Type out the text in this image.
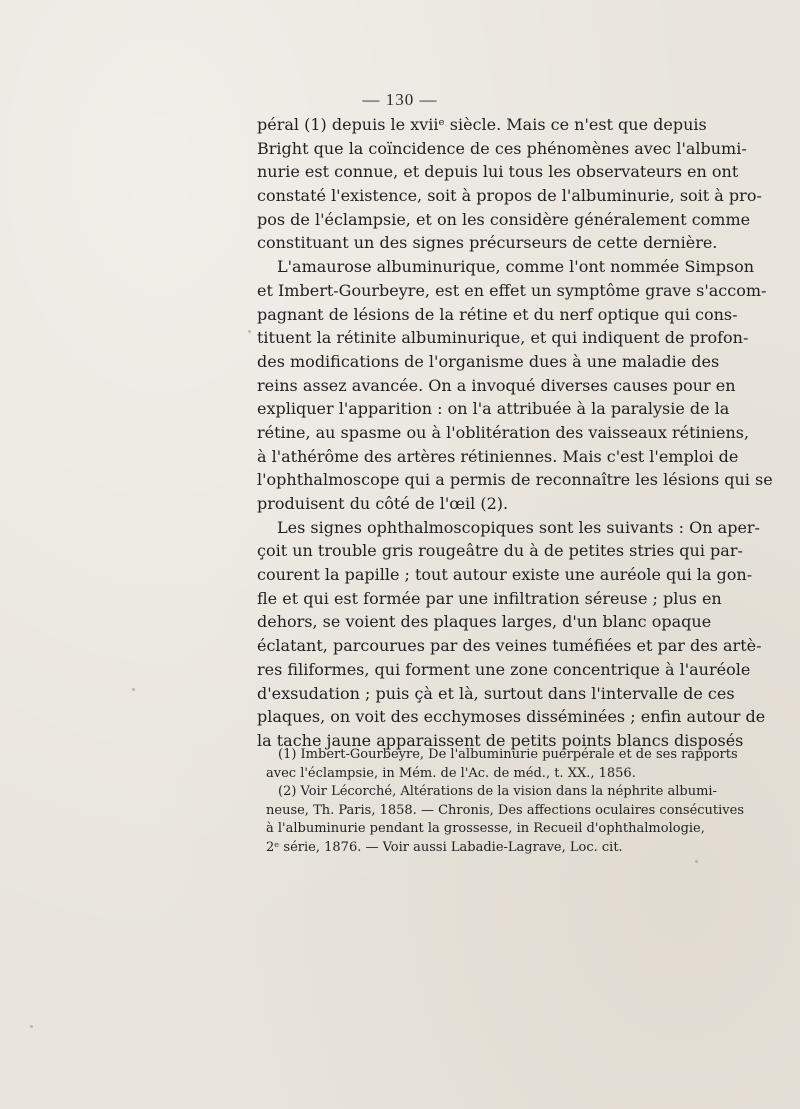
— 130 —
péral (1) depuis le xviiᵉ siècle. Mais ce n'est que depuis
Bright que la coïncidence de ces phénomènes avec l'albumi-
nurie est connue, et depuis lui tous les observateurs en ont
constaté l'existence, soit à propos de l'albuminurie, soit à pro-
pos de l'éclampsie, et on les considère généralement comme
constituant un des signes précurseurs de cette dernière.
L'amaurose albuminurique, comme l'ont nommée Simpson
et Imbert-Gourbeyre, est en effet un symptôme grave s'accom-
pagnant de lésions de la rétine et du nerf optique qui cons-
tituent la rétinite albuminurique, et qui indiquent de profon-
des modifications de l'organisme dues à une maladie des
reins assez avancée. On a invoqué diverses causes pour en
expliquer l'apparition : on l'a attribuée à la paralysie de la
rétine, au spasme ou à l'oblitération des vaisseaux rétiniens,
à l'athérôme des artères rétiniennes. Mais c'est l'emploi de
l'ophthalmoscope qui a permis de reconnaître les lésions qui se
produisent du côté de l'œil (2).
Les signes ophthalmoscopiques sont les suivants : On aper-
çoit un trouble gris rougeâtre du à de petites stries qui par-
courent la papille ; tout autour existe une auréole qui la gon-
fle et qui est formée par une infiltration séreuse ; plus en
dehors, se voient des plaques larges, d'un blanc opaque
éclatant, parcourues par des veines tuméfiées et par des artè-
res filiformes, qui forment une zone concentrique à l'auréole
d'exsudation ; puis çà et là, surtout dans l'intervalle de ces
plaques, on voit des ecchymoses disséminées ; enfin autour de
la tache jaune apparaissent de petits points blancs disposés
(1) Imbert-Gourbeyre, De l'albuminurie puerpérale et de ses rapports
avec l'éclampsie, in Mém. de l'Ac. de méd., t. XX., 1856.
(2) Voir Lécorché, Altérations de la vision dans la néphrite albumi-
neuse, Th. Paris, 1858. — Chronis, Des affections oculaires consécutives
à l'albuminurie pendant la grossesse, in Recueil d'ophthalmologie,
2ᵉ série, 1876. — Voir aussi Labadie-Lagrave, Loc. cit.
